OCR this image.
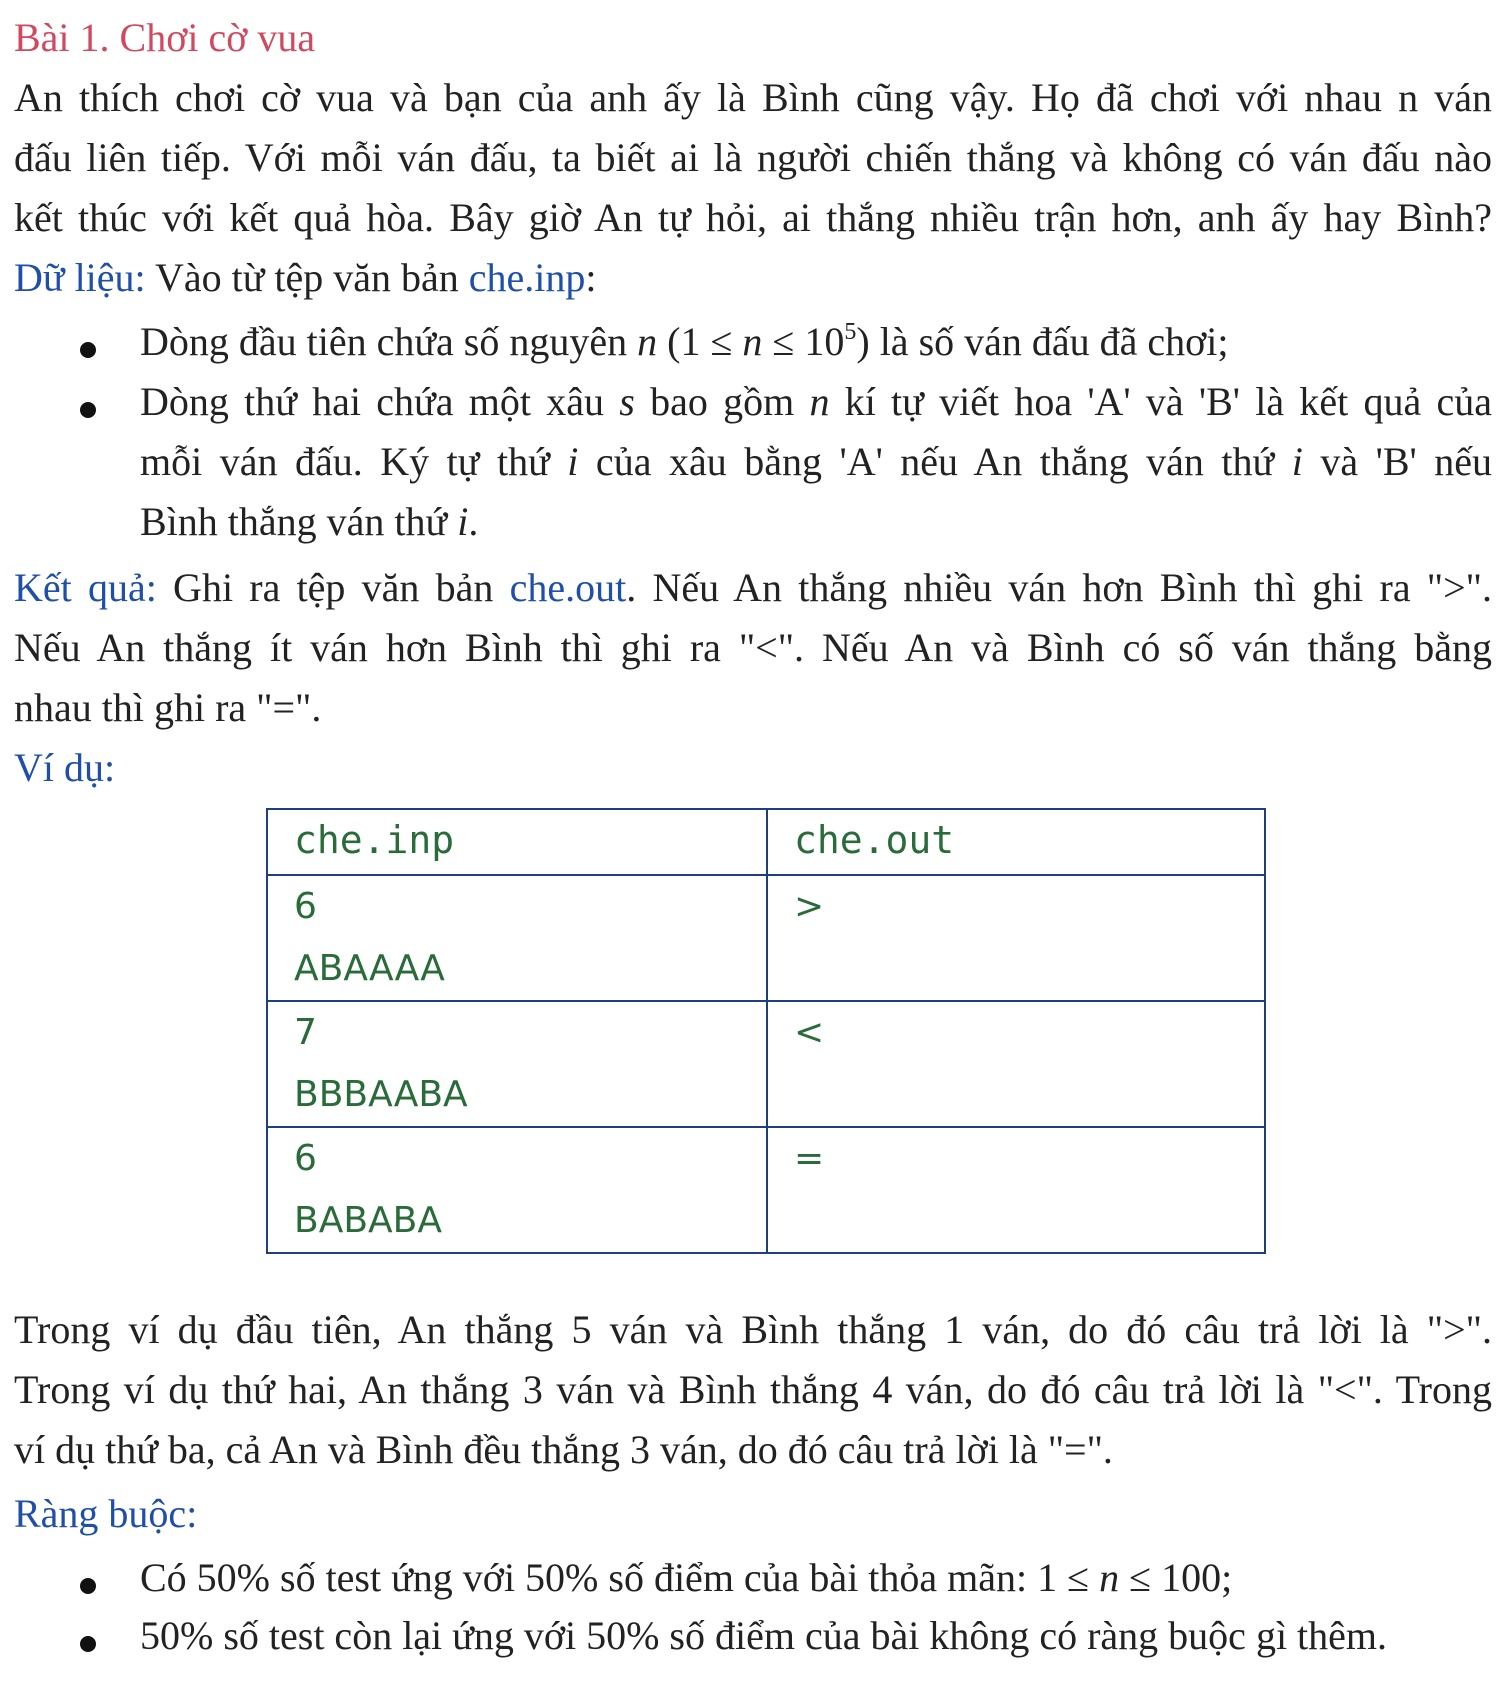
Bài 1. Chơi cờ vua
An thích chơi cờ vua và bạn của anh ấy là Bình cũng vậy. Họ đã chơi với nhau n ván
đấu liên tiếp. Với mỗi ván đấu, ta biết ai là người chiến thắng và không có ván đấu nào
kết thúc với kết quả hòa. Bây giờ An tự hỏi, ai thắng nhiều trận hơn, anh ấy hay Bình?
Dữ liệu: Vào từ tệp văn bản che.inp:
Dòng đầu tiên chứa số nguyên n $(1 \le n \le 10^5)$ là số ván đấu đã chơi;
Dòng thứ hai chứa một xâu s bao gồm n kí tự viết hoa 'A' và 'B' là kết quả của
mỗi ván đấu. Ký tự thứ i của xâu bằng 'A' nếu An thắng ván thứ i và 'B' nếu
Bình thắng ván thứ i.
Kết quả: Ghi ra tệp văn bản che.out. Nếu An thắng nhiều ván hơn Bình thì ghi ra ">".
Nếu An thắng ít ván hơn Bình thì ghi ra "<". Nếu An và Bình có số ván thắng bằng
nhau thì ghi ra "=".
Ví dụ:
che.inp	che.out

6
ABAAAA	>

7
BBBAABA	<

6
BABABA	=
Trong ví dụ đầu tiên, An thắng 5 ván và Bình thắng 1 ván, do đó câu trả lời là ">".
Trong ví dụ thứ hai, An thắng 3 ván và Bình thắng 4 ván, do đó câu trả lời là "<". Trong
ví dụ thứ ba, cả An và Bình đều thắng 3 ván, do đó câu trả lời là "=".
Ràng buộc:
Có 50% số test ứng với 50% số điểm của bài thỏa mãn: 1 ≤ n ≤ 100;
50% số test còn lại ứng với 50% số điểm của bài không có ràng buộc gì thêm.
